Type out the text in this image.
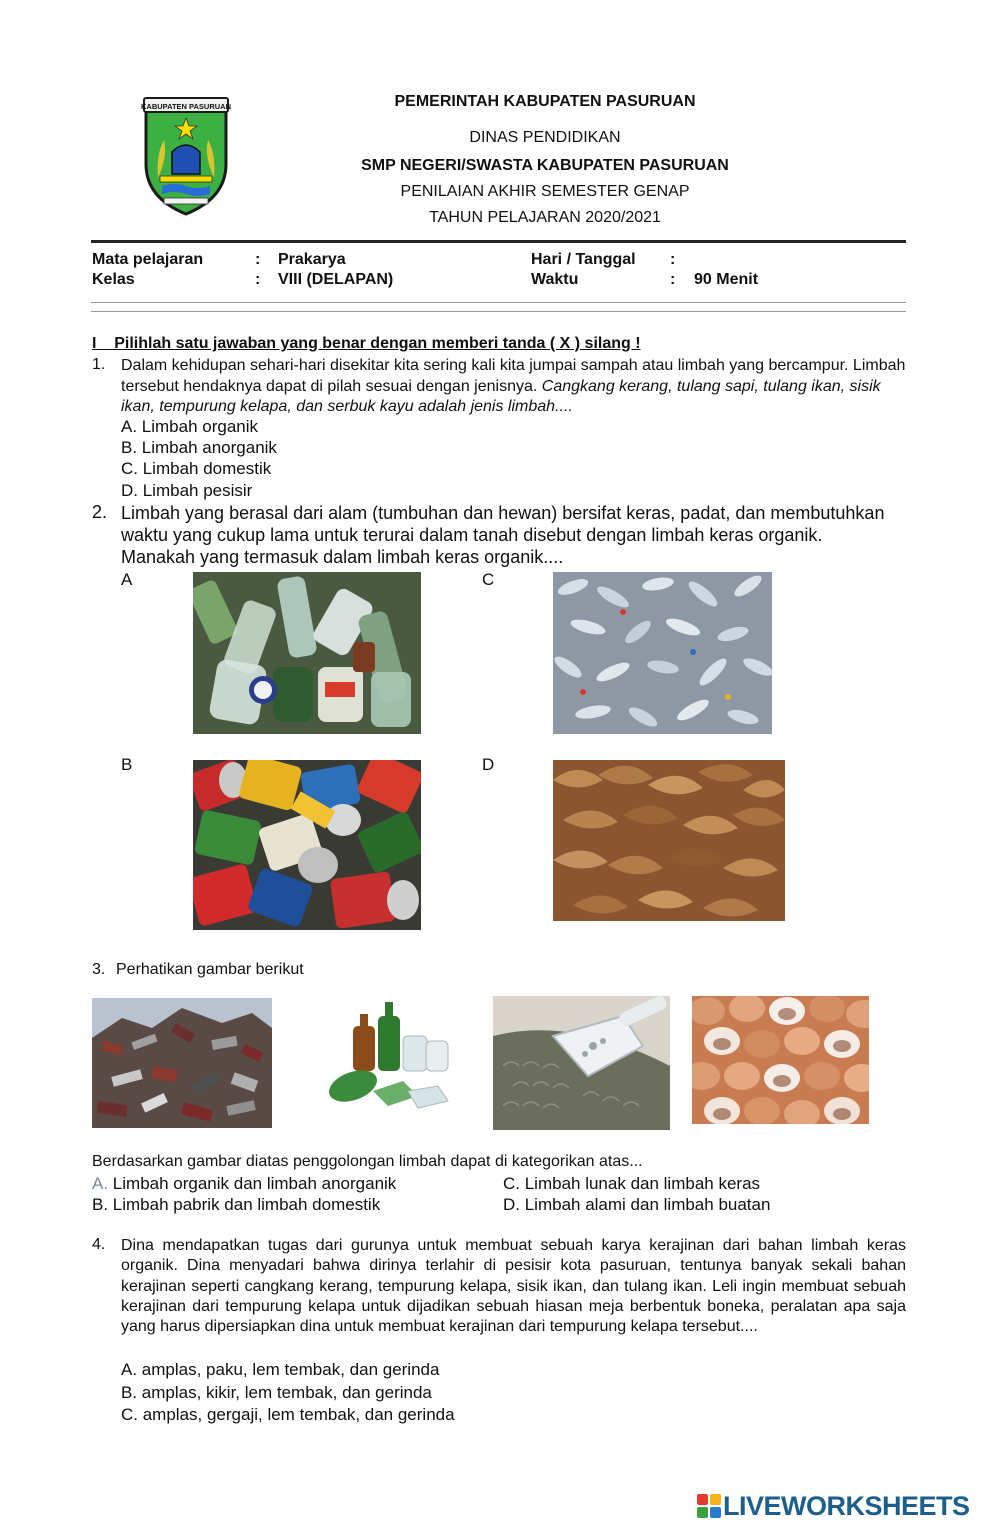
KABUPATEN PASURUAN	PEMERINTAH KABUPATEN PASURUAN
DINAS PENDIDIKAN
SMP NEGERI/SWASTA KABUPATEN PASURUAN
PENILAIAN AKHIR SEMESTER GENAP
TAHUN PELAJARAN 2020/2021
Mata pelajaran	: Prakarya
Kelas	: VIII (DELAPAN)
Hari / Tanggal :
Waktu	: 90 Menit
I    Pilihlah satu jawaban yang benar dengan memberi tanda ( X ) silang !
1. Dalam kehidupan sehari-hari disekitar kita sering kali kita jumpai sampah atau limbah yang bercampur. Limbah tersebut hendaknya dapat di pilah sesuai dengan jenisnya. Cangkang kerang, tulang sapi, tulang ikan, sisik ikan, tempurung kelapa, dan serbuk kayu adalah jenis limbah....
A. Limbah organik
B. Limbah anorganik
C. Limbah domestik
D. Limbah pesisir
2. Limbah yang berasal dari alam (tumbuhan dan hewan) bersifat keras, padat, dan membutuhkan waktu yang cukup lama untuk terurai dalam tanah disebut dengan limbah keras organik. Manakah yang termasuk dalam limbah keras organik....
A
B
C
D
3. Perhatikan gambar berikut
Berdasarkan gambar diatas penggolongan limbah dapat di kategorikan atas...
A. Limbah organik dan limbah anorganik
B. Limbah pabrik dan limbah domestik
C. Limbah lunak dan limbah keras
D. Limbah alami dan limbah buatan
4. Dina mendapatkan tugas dari gurunya untuk membuat sebuah karya kerajinan dari bahan limbah keras organik. Dina menyadari bahwa dirinya terlahir di pesisir kota pasuruan, tentunya banyak sekali bahan kerajinan seperti cangkang kerang, tempurung kelapa, sisik ikan, dan tulang ikan. Leli ingin membuat sebuah kerajinan dari tempurung kelapa untuk dijadikan sebuah hiasan meja berbentuk boneka, peralatan apa saja yang harus dipersiapkan dina untuk membuat kerajinan dari tempurung kelapa tersebut....
A. amplas, paku, lem tembak, dan gerinda
B. amplas, kikir, lem tembak, dan gerinda
C. amplas, gergaji, lem tembak, dan gerinda
LIVEWORKSHEETS
